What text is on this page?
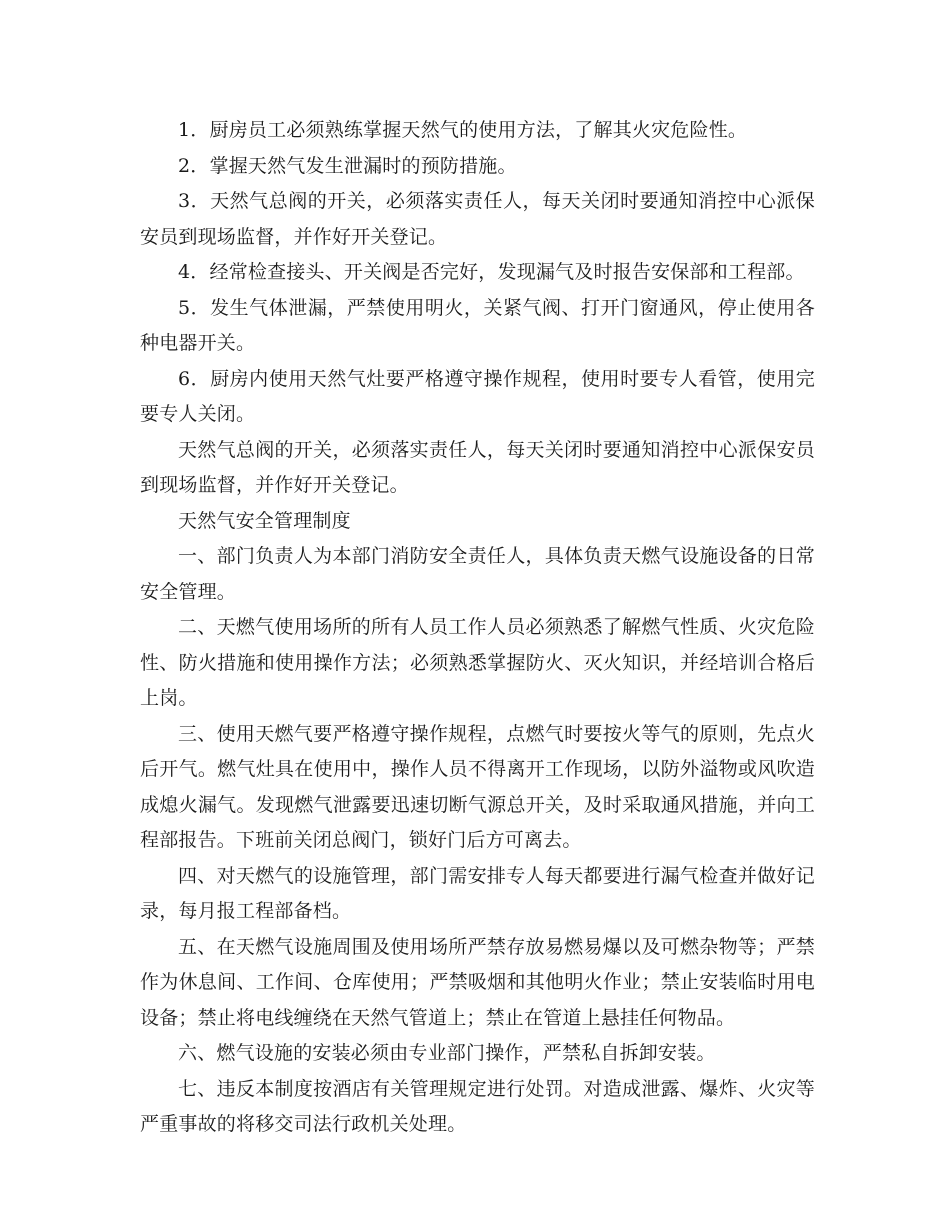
1．厨房员工必须熟练掌握天然气的使用方法，了解其火灾危险性。

2．掌握天然气发生泄漏时的预防措施。

3．天然气总阀的开关，必须落实责任人，每天关闭时要通知消控中心派保安员到现场监督，并作好开关登记。

4．经常检查接头、开关阀是否完好，发现漏气及时报告安保部和工程部。

5．发生气体泄漏，严禁使用明火，关紧气阀、打开门窗通风，停止使用各种电器开关。

6．厨房内使用天然气灶要严格遵守操作规程，使用时要专人看管，使用完要专人关闭。

天然气总阀的开关，必须落实责任人，每天关闭时要通知消控中心派保安员到现场监督，并作好开关登记。

天然气安全管理制度

一、部门负责人为本部门消防安全责任人，具体负责天燃气设施设备的日常安全管理。

二、天燃气使用场所的所有人员工作人员必须熟悉了解燃气性质、火灾危险性、防火措施和使用操作方法；必须熟悉掌握防火、灭火知识，并经培训合格后上岗。

三、使用天燃气要严格遵守操作规程，点燃气时要按火等气的原则，先点火后开气。燃气灶具在使用中，操作人员不得离开工作现场，以防外溢物或风吹造成熄火漏气。发现燃气泄露要迅速切断气源总开关，及时采取通风措施，并向工程部报告。下班前关闭总阀门，锁好门后方可离去。

四、对天燃气的设施管理，部门需安排专人每天都要进行漏气检查并做好记录，每月报工程部备档。

五、在天燃气设施周围及使用场所严禁存放易燃易爆以及可燃杂物等；严禁作为休息间、工作间、仓库使用；严禁吸烟和其他明火作业；禁止安装临时用电设备；禁止将电线缠绕在天然气管道上；禁止在管道上悬挂任何物品。

六、燃气设施的安装必须由专业部门操作，严禁私自拆卸安装。

七、违反本制度按酒店有关管理规定进行处罚。对造成泄露、爆炸、火灾等严重事故的将移交司法行政机关处理。
